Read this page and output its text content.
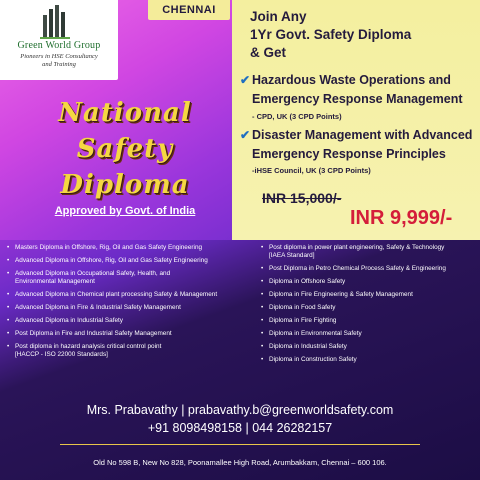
National
Safety
Diploma
Approved by Govt. of India
Green World Group
Pioneers in HSE Consultancy
and Training
CHENNAI	Join Any
1Yr Govt. Safety Diploma
& Get
✔ Hazardous Waste Operations and
Emergency Response Management
- CPD, UK (3 CPD Points)
✔ Disaster Management with Advanced
Emergency Response Principles
-iHSE Council, UK (3 CPD Points)
INR 15,000/-
INR 9,999/-
• Masters Diploma in Offshore, Rig, Oil and Gas Safety Engineering
• Advanced Diploma in Offshore, Rig, Oil and Gas Safety Engineering
• Advanced Diploma in Occupational Safety, Health, and
Environmental Management
• Advanced Diploma in Chemical plant processing Safety & Management
• Advanced Diploma in Fire & Industrial Safety Management
• Advanced Diploma in Industrial Safety
• Post Diploma in Fire and Industrial Safety Management
• Post diploma in hazard analysis critical control point
[HACCP - ISO 22000 Standards]
• Post diploma in power plant engineering, Safety & Technology
[IAEA Standard]
• Post Diploma in Petro Chemical Process Safety & Engineering
• Diploma in Offshore Safety
• Diploma in Fire Engineering & Safety Management
• Diploma in Food Safety
• Diploma in Fire Fighting
• Diploma in Environmental Safety
• Diploma in Industrial Safety
• Diploma in Construction Safety
Mrs. Prabavathy | prabavathy.b@greenworldsafety.com
+91 8098498158 | 044 26282157
Old No 598 B, New No 828, Poonamallee High Road, Arumbakkam, Chennai – 600 106.
